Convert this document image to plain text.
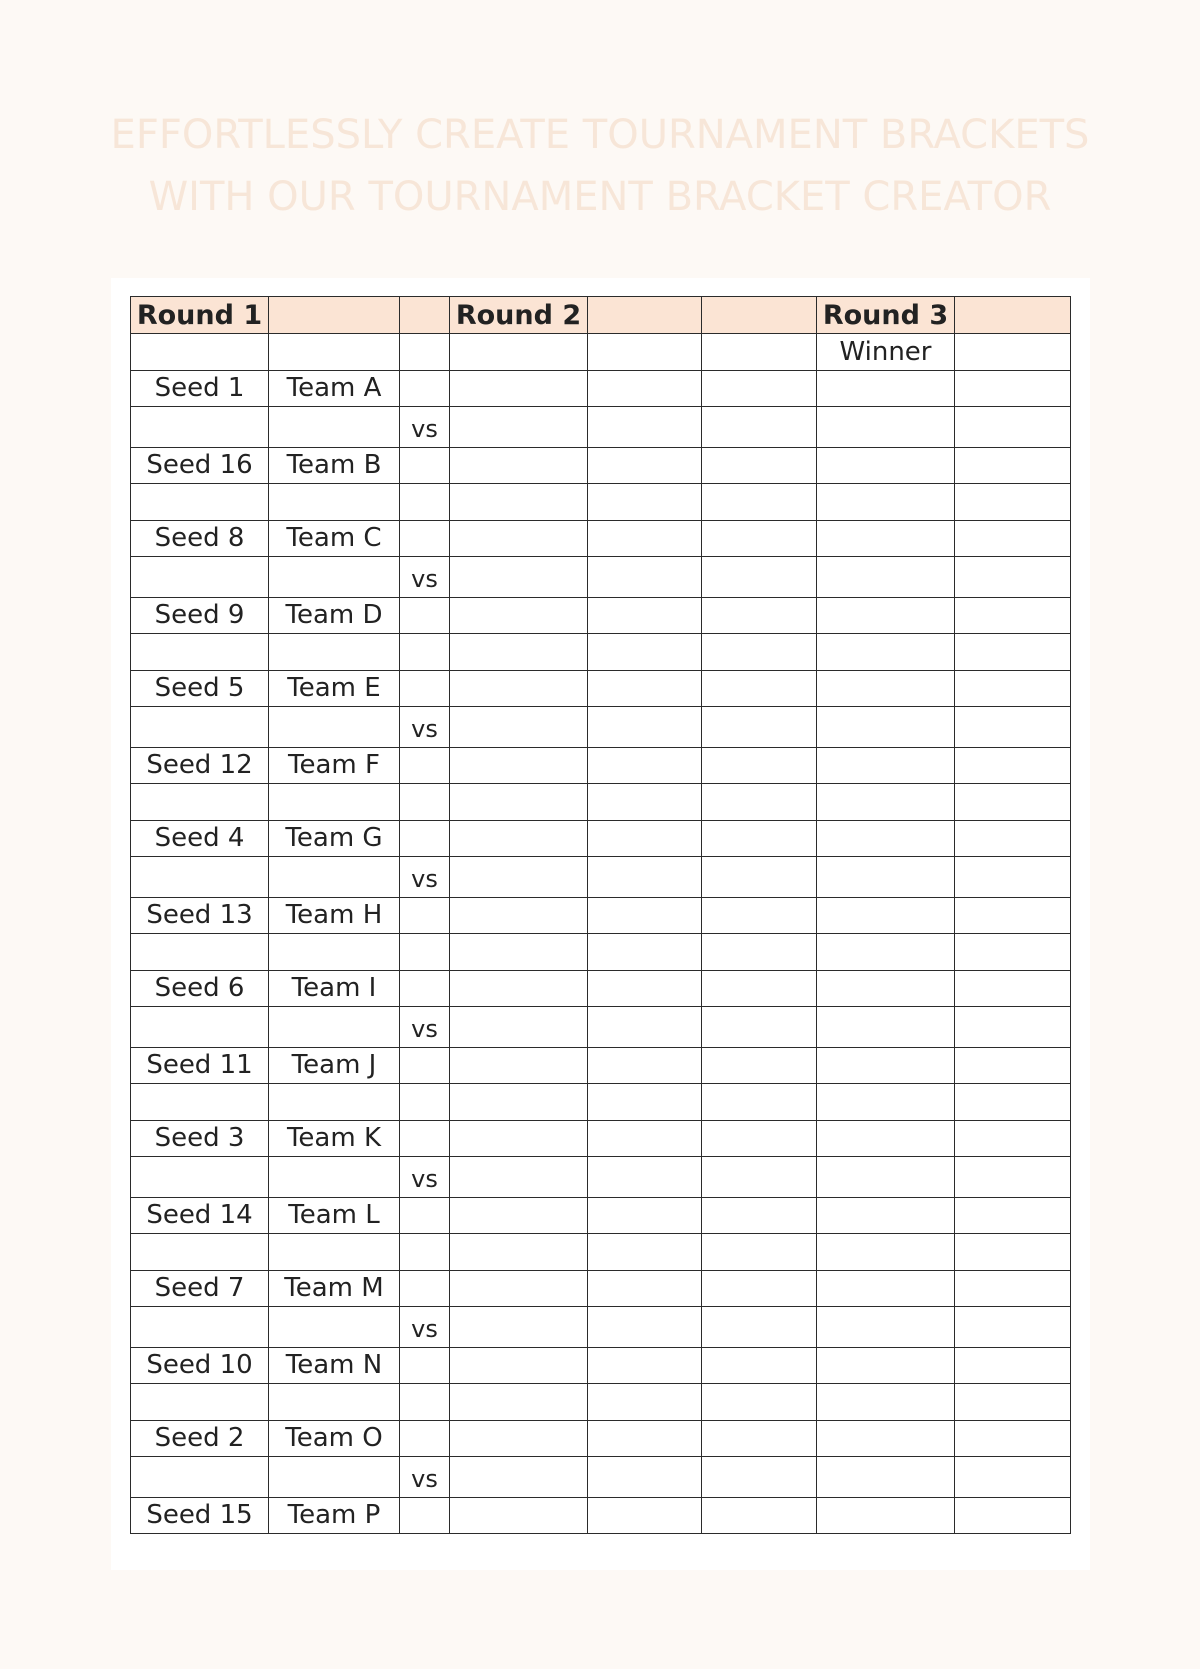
EFFORTLESSLY CREATE TOURNAMENT BRACKETS
WITH OUR TOURNAMENT BRACKET CREATOR
Round 1			Round 2			Round 3	
						Winner	
Seed 1	Team A						
		vs					
Seed 16	Team B						

Seed 8	Team C						
		vs					
Seed 9	Team D						

Seed 5	Team E						
		vs					
Seed 12	Team F						

Seed 4	Team G						
		vs					
Seed 13	Team H						

Seed 6	Team I						
		vs					
Seed 11	Team J						

Seed 3	Team K						
		vs					
Seed 14	Team L						

Seed 7	Team M						
		vs					
Seed 10	Team N						

Seed 2	Team O						
		vs					
Seed 15	Team P						
